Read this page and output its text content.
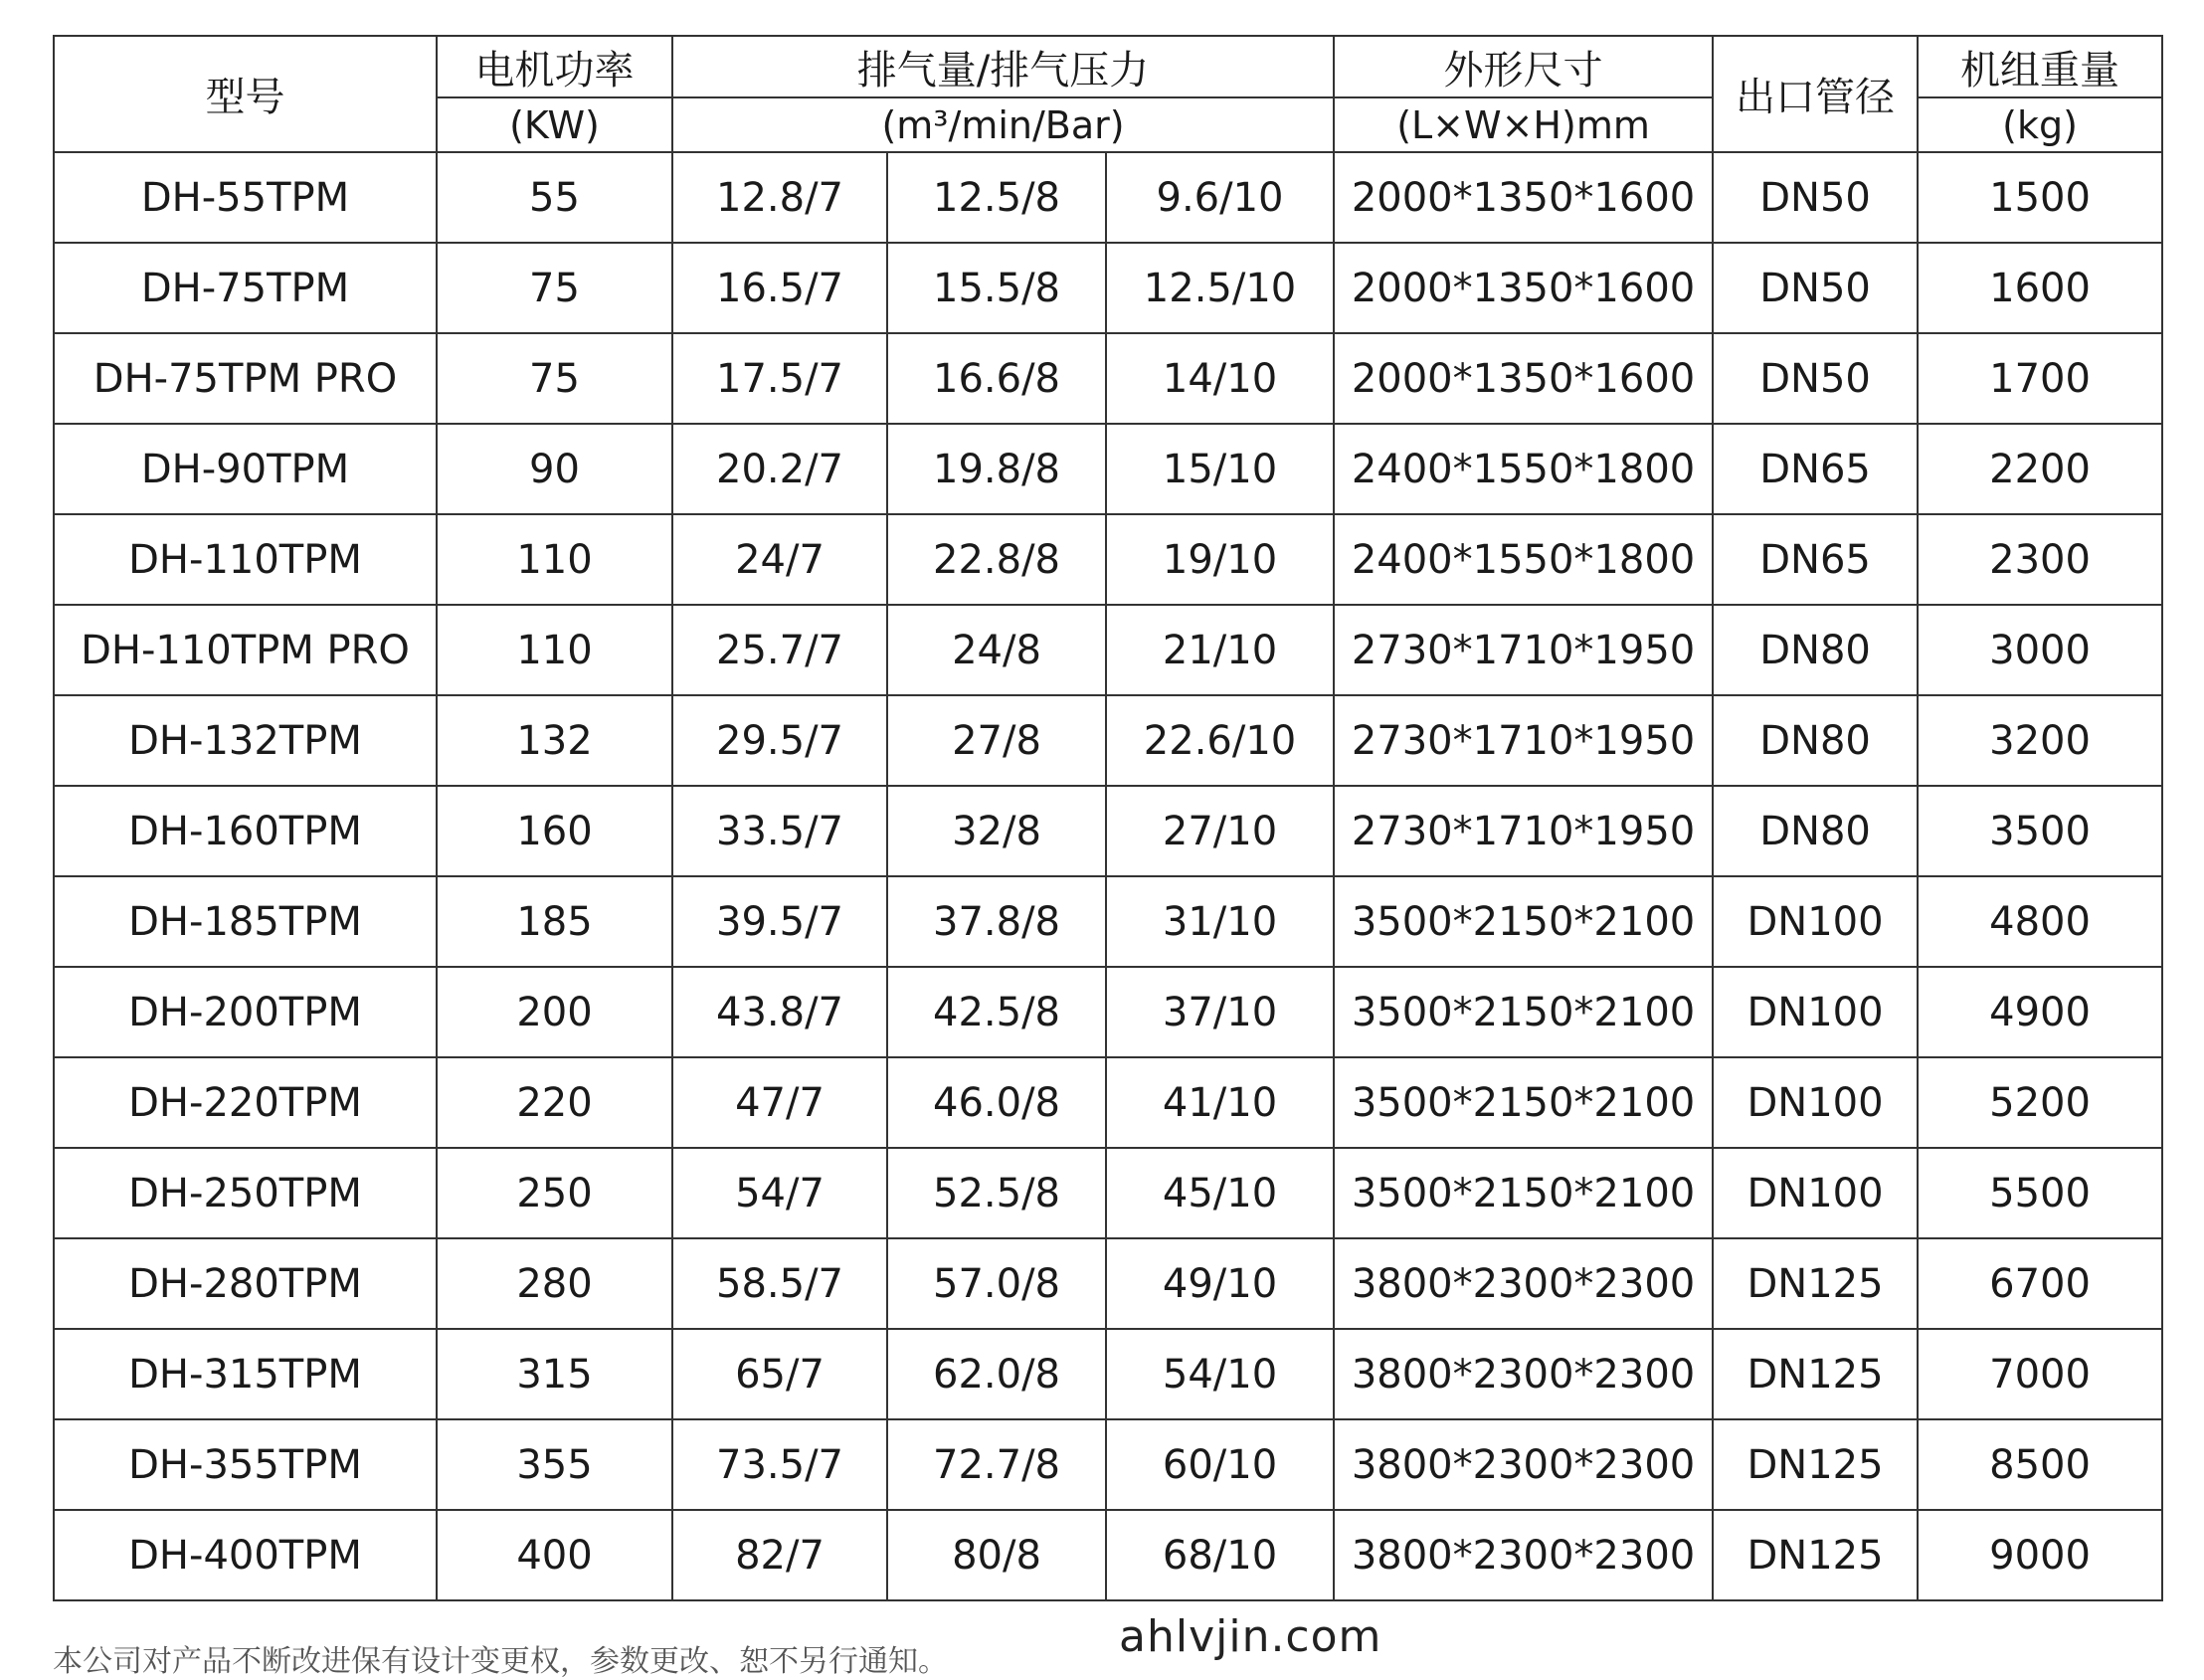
型号	电机功率	排气量/排气压力			外形尺寸	出口管径	机组重量
	(KW)	(m³/min/Bar)			(L×W×H)mm		(kg)
DH-55TPM	55	12.8/7	12.5/8	9.6/10	2000*1350*1600	DN50	1500
DH-75TPM	75	16.5/7	15.5/8	12.5/10	2000*1350*1600	DN50	1600
DH-75TPM PRO	75	17.5/7	16.6/8	14/10	2000*1350*1600	DN50	1700
DH-90TPM	90	20.2/7	19.8/8	15/10	2400*1550*1800	DN65	2200
DH-110TPM	110	24/7	22.8/8	19/10	2400*1550*1800	DN65	2300
DH-110TPM PRO	110	25.7/7	24/8	21/10	2730*1710*1950	DN80	3000
DH-132TPM	132	29.5/7	27/8	22.6/10	2730*1710*1950	DN80	3200
DH-160TPM	160	33.5/7	32/8	27/10	2730*1710*1950	DN80	3500
DH-185TPM	185	39.5/7	37.8/8	31/10	3500*2150*2100	DN100	4800
DH-200TPM	200	43.8/7	42.5/8	37/10	3500*2150*2100	DN100	4900
DH-220TPM	220	47/7	46.0/8	41/10	3500*2150*2100	DN100	5200
DH-250TPM	250	54/7	52.5/8	45/10	3500*2150*2100	DN100	5500
DH-280TPM	280	58.5/7	57.0/8	49/10	3800*2300*2300	DN125	6700
DH-315TPM	315	65/7	62.0/8	54/10	3800*2300*2300	DN125	7000
DH-355TPM	355	73.5/7	72.7/8	60/10	3800*2300*2300	DN125	8500
DH-400TPM	400	82/7	80/8	68/10	3800*2300*2300	DN125	9000
本公司对产品不断改进保有设计变更权，参数更改、恕不另行通知。	ahlvjin.com
